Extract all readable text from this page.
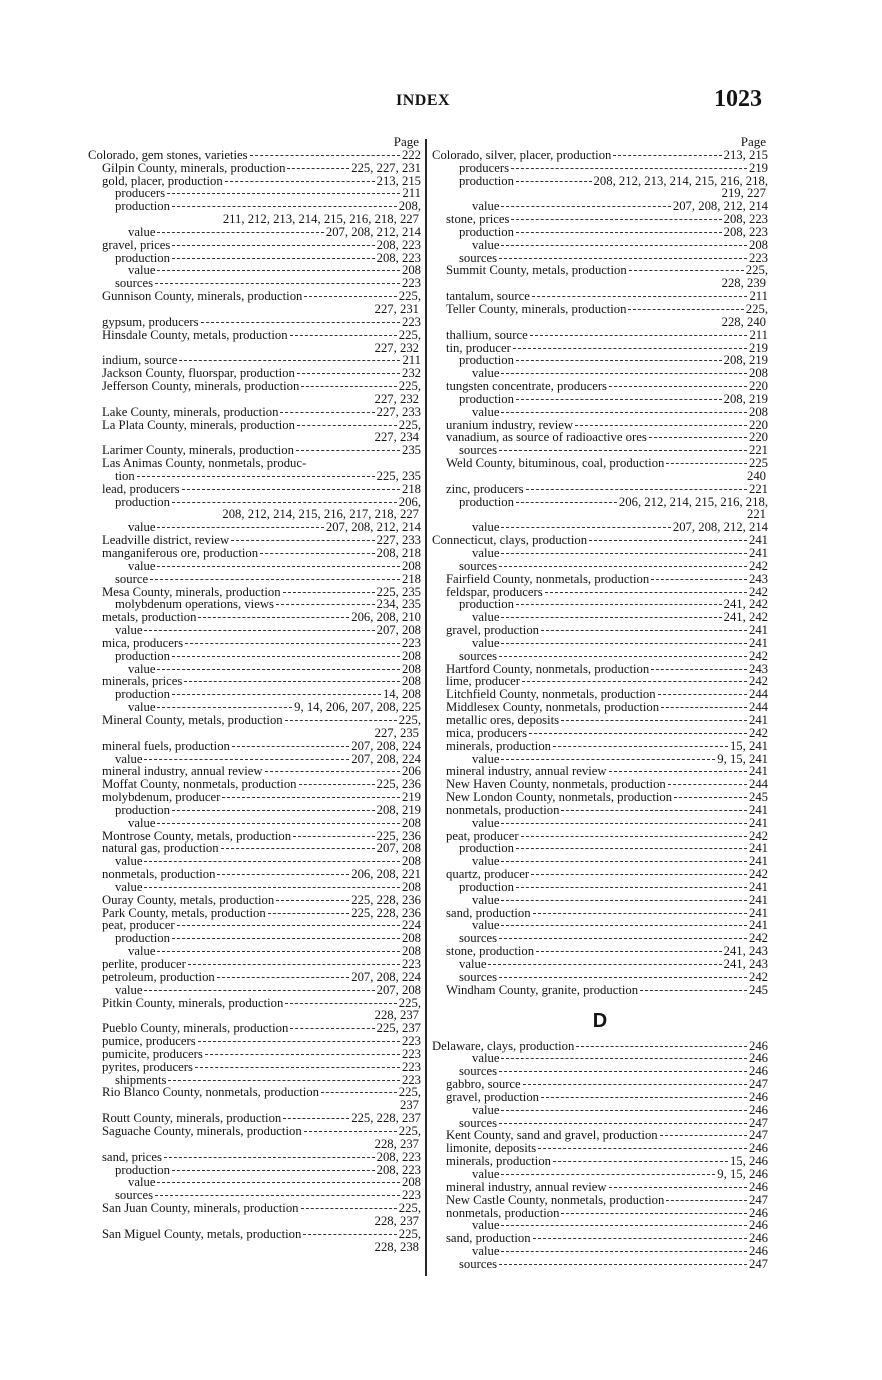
INDEX	1023
Page
Colorado, gem stones, varieties	222
Gilpin County, minerals, production	225, 227, 231
gold, placer, production	213, 215
producers	211
production	208,
211, 212, 213, 214, 215, 216, 218, 227
value	207, 208, 212, 214
gravel, prices	208, 223
production	208, 223
value	208
sources	223
Gunnison County, minerals, production	225,
227, 231
gypsum, producers	223
Hinsdale County, metals, production	225,
227, 232
indium, source	211
Jackson County, fluorspar, production	232
Jefferson County, minerals, production	225,
227, 232
Lake County, minerals, production	227, 233
La Plata County, minerals, production	225,
227, 234
Larimer County, minerals, production	235
Las Animas County, nonmetals, produc-
tion	225, 235
lead, producers	218
production	206,
208, 212, 214, 215, 216, 217, 218, 227
value	207, 208, 212, 214
Leadville district, review	227, 233
manganiferous ore, production	208, 218
value	208
source	218
Mesa County, minerals, production	225, 235
molybdenum operations, views	234, 235
metals, production	206, 208, 210
value	207, 208
mica, producers	223
production	208
value	208
minerals, prices	208
production	14, 208
value	9, 14, 206, 207, 208, 225
Mineral County, metals, production	225,
227, 235
mineral fuels, production	207, 208, 224
value	207, 208, 224
mineral industry, annual review	206
Moffat County, nonmetals, production	225, 236
molybdenum, producer	219
production	208, 219
value	208
Montrose County, metals, production	225, 236
natural gas, production	207, 208
value	208
nonmetals, production	206, 208, 221
value	208
Ouray County, metals, production	225, 228, 236
Park County, metals, production	225, 228, 236
peat, producer	224
production	208
value	208
perlite, producer	223
petroleum, production	207, 208, 224
value	207, 208
Pitkin County, minerals, production	225,
228, 237
Pueblo County, minerals, production	225, 237
pumice, producers	223
pumicite, producers	223
pyrites, producers	223
shipments	223
Rio Blanco County, nonmetals, production	225,
237
Routt County, minerals, production	225, 228, 237
Saguache County, minerals, production	225,
228, 237
sand, prices	208, 223
production	208, 223
value	208
sources	223
San Juan County, minerals, production	225,
228, 237
San Miguel County, metals, production	225,
228, 238
Page
Colorado, silver, placer, production	213, 215
producers	219
production	208, 212, 213, 214, 215, 216, 218,
219, 227
value	207, 208, 212, 214
stone, prices	208, 223
production	208, 223
value	208
sources	223
Summit County, metals, production	225,
228, 239
tantalum, source	211
Teller County, minerals, production	225,
228, 240
thallium, source	211
tin, producer	219
production	208, 219
value	208
tungsten concentrate, producers	220
production	208, 219
value	208
uranium industry, review	220
vanadium, as source of radioactive ores	220
sources	221
Weld County, bituminous, coal, production	225
240
zinc, producers	221
production	206, 212, 214, 215, 216, 218,
221
value	207, 208, 212, 214
Connecticut, clays, production	241
value	241
sources	242
Fairfield County, nonmetals, production	243
feldspar, producers	242
production	241, 242
value	241, 242
gravel, production	241
value	241
sources	242
Hartford County, nonmetals, production	243
lime, producer	242
Litchfield County, nonmetals, production	244
Middlesex County, nonmetals, production	244
metallic ores, deposits	241
mica, producers	242
minerals, production	15, 241
value	9, 15, 241
mineral industry, annual review	241
New Haven County, nonmetals, production	244
New London County, nonmetals, production	245
nonmetals, production	241
value	241
peat, producer	242
production	241
value	241
quartz, producer	242
production	241
value	241
sand, production	241
value	241
sources	242
stone, production	241, 243
value	241, 243
sources	242
Windham County, granite, production	245
D
Delaware, clays, production	246
value	246
sources	246
gabbro, source	247
gravel, production	246
value	246
sources	247
Kent County, sand and gravel, production	247
limonite, deposits	246
minerals, production	15, 246
value	9, 15, 246
mineral industry, annual review	246
New Castle County, nonmetals, production	247
nonmetals, production	246
value	246
sand, production	246
value	246
sources	247
